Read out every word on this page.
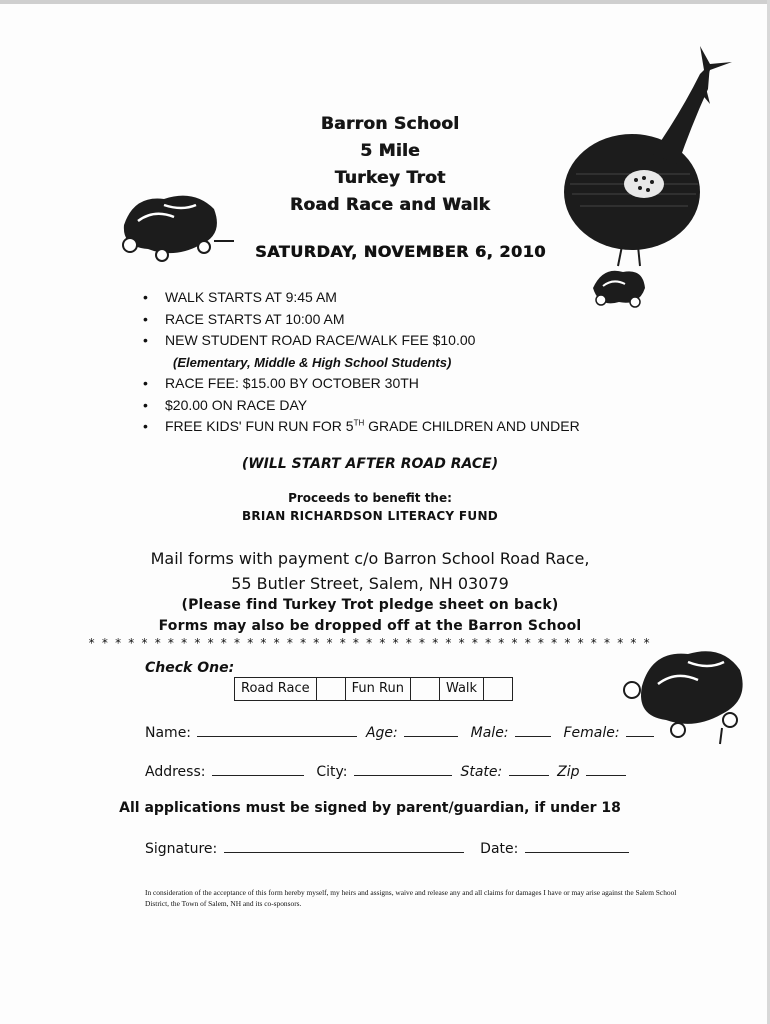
Barron School
5 Mile
Turkey Trot
Road Race and Walk
SATURDAY, NOVEMBER 6, 2010
• WALK STARTS AT 9:45 AM
• RACE STARTS AT 10:00 AM
• NEW STUDENT ROAD RACE/WALK FEE $10.00
(Elementary, Middle & High School Students)
• RACE FEE: $15.00 BY OCTOBER 30TH
• $20.00 ON RACE DAY
• FREE KIDS' FUN RUN FOR 5TH GRADE CHILDREN AND UNDER
(WILL START AFTER ROAD RACE)
Proceeds to benefit the:
BRIAN RICHARDSON LITERACY FUND
Mail forms with payment c/o Barron School Road Race,
55 Butler Street, Salem, NH 03079
(Please find Turkey Trot pledge sheet on back)
Forms may also be dropped off at the Barron School
* * * * * * * * * * * * * * * * * * * * * * * * * * * * * * * * * * * * * * * * * * *
Check One:
Road Race	Fun Run	Walk
Name:	Age:	Male:	Female:
Address:	City:	State:	Zip
All applications must be signed by parent/guardian, if under 18
Signature:	Date:
In consideration of the acceptance of this form hereby myself, my heirs and assigns, waive and release any and all claims for damages I have or may arise against the Salem School District, the Town of Salem, NH and its co-sponsors.
